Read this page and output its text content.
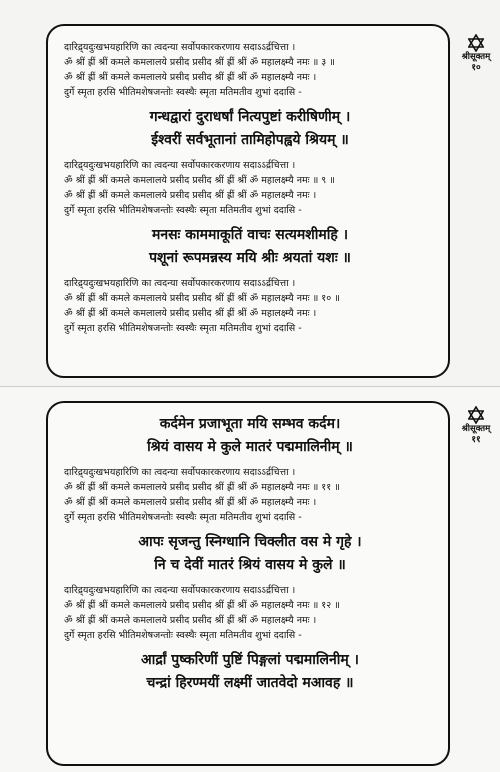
दारिद्र्यदुःखभयहारिणि का त्वदन्या सर्वोपकारकरणाय सदाऽऽर्द्रचित्ता ।
ॐ श्रीं ह्रीं श्रीं कमले कमलालये प्रसीद प्रसीद श्रीं ह्रीं श्रीं ॐ महालक्ष्म्यै नमः ॥ ३ ॥
ॐ श्रीं ह्रीं श्रीं कमले कमलालये प्रसीद प्रसीद श्रीं ह्रीं श्रीं ॐ महालक्ष्म्यै नमः ।
दुर्गे स्मृता हरसि भीतिमशेषजन्तोः स्वस्थैः स्मृता मतिमतीव शुभां ददासि -
गन्धद्वारां दुराधर्षां नित्यपुष्टां करीषिणीम् ।
ईश्वरीं सर्वभूतानां तामिहोपह्वये श्रियम् ॥
दारिद्र्यदुःखभयहारिणि का त्वदन्या सर्वोपकारकरणाय सदाऽऽर्द्रचित्ता ।
ॐ श्रीं ह्रीं श्रीं कमले कमलालये प्रसीद प्रसीद श्रीं ह्रीं श्रीं ॐ महालक्ष्म्यै नमः ॥ ९ ॥
ॐ श्रीं ह्रीं श्रीं कमले कमलालये प्रसीद प्रसीद श्रीं ह्रीं श्रीं ॐ महालक्ष्म्यै नमः ।
दुर्गे स्मृता हरसि भीतिमशेषजन्तोः स्वस्थैः स्मृता मतिमतीव शुभां ददासि -
मनसः काममाकूतिं वाचः सत्यमशीमहि ।
पशूनां रूपमन्नस्य मयि श्रीः श्रयतां यशः ॥
दारिद्र्यदुःखभयहारिणि का त्वदन्या सर्वोपकारकरणाय सदाऽऽर्द्रचित्ता ।
ॐ श्रीं ह्रीं श्रीं कमले कमलालये प्रसीद प्रसीद श्रीं ह्रीं श्रीं ॐ महालक्ष्म्यै नमः ॥ १० ॥
ॐ श्रीं ह्रीं श्रीं कमले कमलालये प्रसीद प्रसीद श्रीं ह्रीं श्रीं ॐ महालक्ष्म्यै नमः ।
दुर्गे स्मृता हरसि भीतिमशेषजन्तोः स्वस्थैः स्मृता मतिमतीव शुभां ददासि -
श्रीसूक्तम्
१०
कर्दमेन प्रजाभूता मयि सम्भव कर्दम।
श्रियं वासय मे कुले मातरं पद्ममालिनीम् ॥
दारिद्र्यदुःखभयहारिणि का त्वदन्या सर्वोपकारकरणाय सदाऽऽर्द्रचित्ता ।
ॐ श्रीं ह्रीं श्रीं कमले कमलालये प्रसीद प्रसीद श्रीं ह्रीं श्रीं ॐ महालक्ष्म्यै नमः ॥ ११ ॥
ॐ श्रीं ह्रीं श्रीं कमले कमलालये प्रसीद प्रसीद श्रीं ह्रीं श्रीं ॐ महालक्ष्म्यै नमः ।
दुर्गे स्मृता हरसि भीतिमशेषजन्तोः स्वस्थैः स्मृता मतिमतीव शुभां ददासि -
आपः सृजन्तु स्निग्धानि चिक्लीत वस मे गृहे ।
नि च देवीं मातरं श्रियं वासय मे कुले ॥
दारिद्र्यदुःखभयहारिणि का त्वदन्या सर्वोपकारकरणाय सदाऽऽर्द्रचित्ता ।
ॐ श्रीं ह्रीं श्रीं कमले कमलालये प्रसीद प्रसीद श्रीं ह्रीं श्रीं ॐ महालक्ष्म्यै नमः ॥ १२ ॥
ॐ श्रीं ह्रीं श्रीं कमले कमलालये प्रसीद प्रसीद श्रीं ह्रीं श्रीं ॐ महालक्ष्म्यै नमः ।
दुर्गे स्मृता हरसि भीतिमशेषजन्तोः स्वस्थैः स्मृता मतिमतीव शुभां ददासि -
आर्द्रां पुष्करिणीं पुष्टिं पिङ्गलां पद्ममालिनीम् ।
चन्द्रां हिरण्मयीं लक्ष्मीं जातवेदो मआवह ॥
श्रीसूक्तम्
११
